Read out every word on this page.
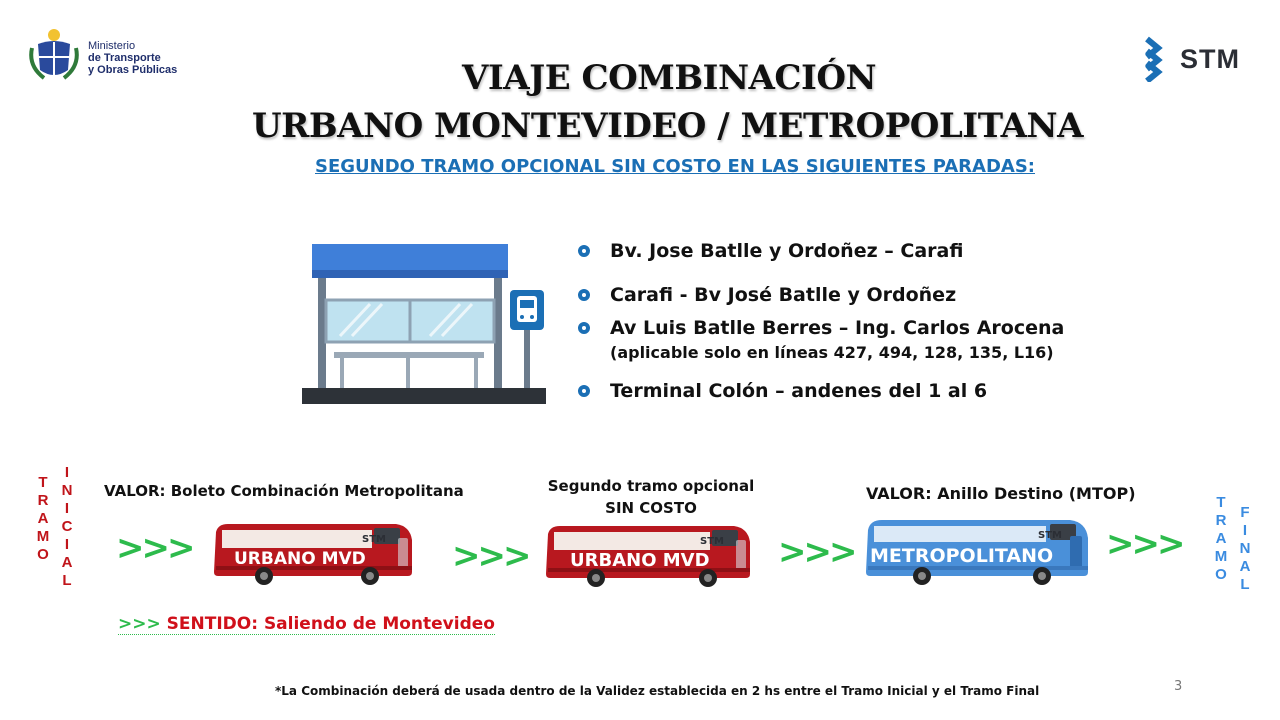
Ministerio
de Transporte
y Obras Públicas	STM
VIAJE COMBINACIÓN
URBANO MONTEVIDEO / METROPOLITANA
SEGUNDO TRAMO OPCIONAL SIN COSTO EN LAS SIGUIENTES PARADAS:
Bv. Jose Batlle y Ordoñez – Carafi
Carafi - Bv José Batlle y Ordoñez
Av Luis Batlle Berres – Ing. Carlos Arocena
(aplicable solo en líneas 427, 494, 128, 135, L16)
Terminal Colón – andenes del 1 al 6
T
R
A
M
O
I
N
I
C
I
A
L
T
R
A
M
O
F
I
N
A
L
VALOR: Boleto Combinación Metropolitana	Segundo tramo opcional
SIN COSTO
VALOR: Anillo Destino (MTOP)
>>>	>>>	>>>	>>>
URBANO MVD
STM
URBANO MVD
STM
METROPOLITANO
STM
>>> SENTIDO: Saliendo de Montevideo
*La Combinación deberá de usada dentro de la Validez establecida en 2 hs entre el Tramo Inicial y el Tramo Final	3
